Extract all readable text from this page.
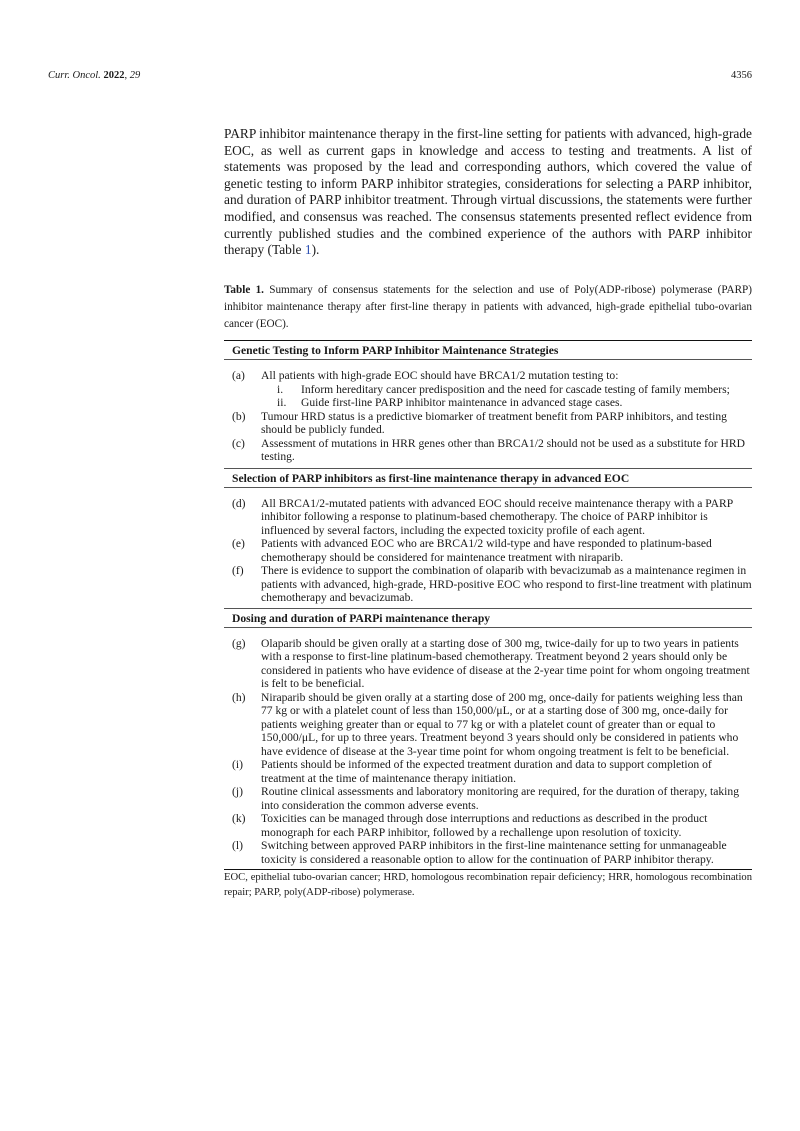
Curr. Oncol. 2022, 29	4356
PARP inhibitor maintenance therapy in the first-line setting for patients with advanced, high-grade EOC, as well as current gaps in knowledge and access to testing and treatments. A list of statements was proposed by the lead and corresponding authors, which covered the value of genetic testing to inform PARP inhibitor strategies, considerations for selecting a PARP inhibitor, and duration of PARP inhibitor treatment. Through virtual discussions, the statements were further modified, and consensus was reached. The consensus statements presented reflect evidence from currently published studies and the combined experience of the authors with PARP inhibitor therapy (Table 1).
Table 1. Summary of consensus statements for the selection and use of Poly(ADP-ribose) polymerase (PARP) inhibitor maintenance therapy after first-line therapy in patients with advanced, high-grade epithelial tubo-ovarian cancer (EOC).
Genetic Testing to Inform PARP Inhibitor Maintenance Strategies
(a) All patients with high-grade EOC should have BRCA1/2 mutation testing to:
i.	Inform hereditary cancer predisposition and the need for cascade testing of family members;
ii.	Guide first-line PARP inhibitor maintenance in advanced stage cases.
(b) Tumour HRD status is a predictive biomarker of treatment benefit from PARP inhibitors, and testing should be publicly funded.
(c) Assessment of mutations in HRR genes other than BRCA1/2 should not be used as a substitute for HRD testing.
Selection of PARP inhibitors as first-line maintenance therapy in advanced EOC
(d) All BRCA1/2-mutated patients with advanced EOC should receive maintenance therapy with a PARP inhibitor following a response to platinum-based chemotherapy. The choice of PARP inhibitor is influenced by several factors, including the expected toxicity profile of each agent.
(e) Patients with advanced EOC who are BRCA1/2 wild-type and have responded to platinum-based chemotherapy should be considered for maintenance treatment with niraparib.
(f) There is evidence to support the combination of olaparib with bevacizumab as a maintenance regimen in patients with advanced, high-grade, HRD-positive EOC who respond to first-line treatment with platinum chemotherapy and bevacizumab.
Dosing and duration of PARPi maintenance therapy
(g) Olaparib should be given orally at a starting dose of 300 mg, twice-daily for up to two years in patients with a response to first-line platinum-based chemotherapy. Treatment beyond 2 years should only be considered in patients who have evidence of disease at the 2-year time point for whom ongoing treatment is felt to be beneficial.
(h) Niraparib should be given orally at a starting dose of 200 mg, once-daily for patients weighing less than 77 kg or with a platelet count of less than 150,000/μL, or at a starting dose of 300 mg, once-daily for patients weighing greater than or equal to 77 kg or with a platelet count of greater than or equal to 150,000/μL, for up to three years. Treatment beyond 3 years should only be considered in patients who have evidence of disease at the 3-year time point for whom ongoing treatment is felt to be beneficial.
(i) Patients should be informed of the expected treatment duration and data to support completion of treatment at the time of maintenance therapy initiation.
(j) Routine clinical assessments and laboratory monitoring are required, for the duration of therapy, taking into consideration the common adverse events.
(k) Toxicities can be managed through dose interruptions and reductions as described in the product monograph for each PARP inhibitor, followed by a rechallenge upon resolution of toxicity.
(l) Switching between approved PARP inhibitors in the first-line maintenance setting for unmanageable toxicity is considered a reasonable option to allow for the continuation of PARP inhibitor therapy.
EOC, epithelial tubo-ovarian cancer; HRD, homologous recombination repair deficiency; HRR, homologous recombination repair; PARP, poly(ADP-ribose) polymerase.
